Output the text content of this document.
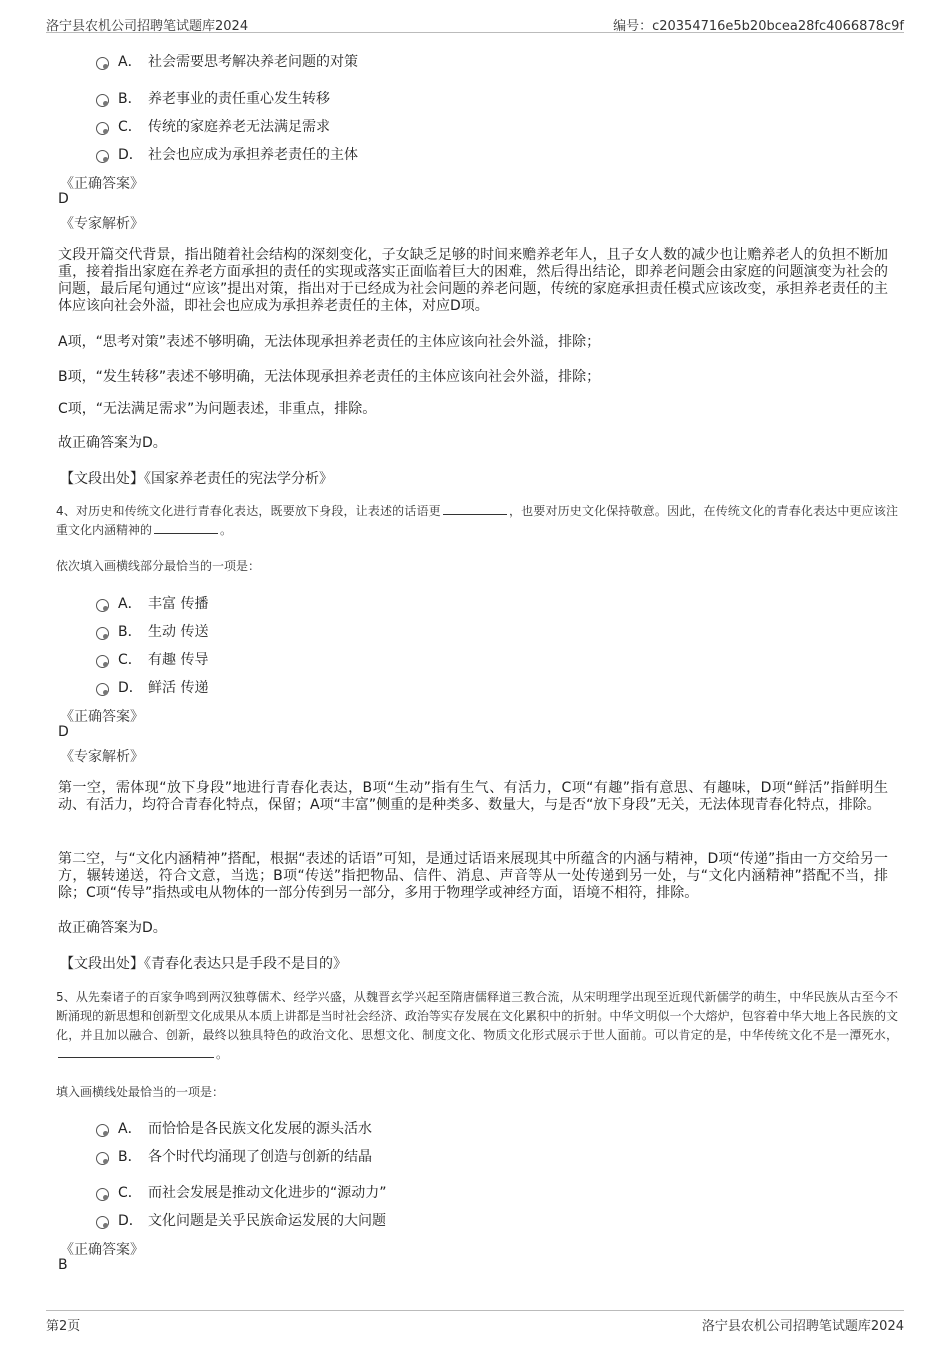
洛宁县农机公司招聘笔试题库2024	编号：c20354716e5b20bcea28fc4066878c9f
A． 社会需要思考解决养老问题的对策
B． 养老事业的责任重心发生转移
C． 传统的家庭养老无法满足需求
D． 社会也应成为承担养老责任的主体
《正确答案》
D
《专家解析》
文段开篇交代背景，指出随着社会结构的深刻变化，子女缺乏足够的时间来赡养老年人，且子女人数的减少也让赡养老人的负担不断加重，接着指出家庭在养老方面承担的责任的实现或落实正面临着巨大的困难，然后得出结论，即养老问题会由家庭的问题演变为社会的问题，最后尾句通过“应该”提出对策，指出对于已经成为社会问题的养老问题，传统的家庭承担责任模式应该改变，承担养老责任的主体应该向社会外溢，即社会也应成为承担养老责任的主体，对应D项。
A项，“思考对策”表述不够明确，无法体现承担养老责任的主体应该向社会外溢，排除；
B项，“发生转移”表述不够明确，无法体现承担养老责任的主体应该向社会外溢，排除；
C项，“无法满足需求”为问题表述，非重点，排除。
故正确答案为D。
【文段出处】《国家养老责任的宪法学分析》
4、对历史和传统文化进行青春化表达，既要放下身段，让表述的话语更	，也要对历史文化保持敬意。因此，在传统文化的青春化表达中更应该注重文化内涵精神的	。
依次填入画横线部分最恰当的一项是：
A． 丰富 传播
B． 生动 传送
C． 有趣 传导
D． 鲜活 传递
《正确答案》
D
《专家解析》
第一空，需体现“放下身段”地进行青春化表达，B项“生动”指有生气、有活力，C项“有趣”指有意思、有趣味，D项“鲜活”指鲜明生动、有活力，均符合青春化特点，保留；A项“丰富”侧重的是种类多、数量大，与是否“放下身段”无关，无法体现青春化特点，排除。
第二空，与“文化内涵精神”搭配，根据“表述的话语”可知，是通过话语来展现其中所蕴含的内涵与精神，D项“传递”指由一方交给另一方，辗转递送，符合文意，当选；B项“传送”指把物品、信件、消息、声音等从一处传递到另一处，与“文化内涵精神”搭配不当，排除；C项“传导”指热或电从物体的一部分传到另一部分，多用于物理学或神经方面，语境不相符，排除。
故正确答案为D。
【文段出处】《青春化表达只是手段不是目的》
5、从先秦诸子的百家争鸣到两汉独尊儒术、经学兴盛，从魏晋玄学兴起至隋唐儒释道三教合流，从宋明理学出现至近现代新儒学的萌生，中华民族从古至今不断涌现的新思想和创新型文化成果从本质上讲都是当时社会经济、政治等实存发展在文化累积中的折射。中华文明似一个大熔炉，包容着中华大地上各民族的文化，并且加以融合、创新，最终以独具特色的政治文化、思想文化、制度文化、物质文化形式展示于世人面前。可以肯定的是，中华传统文化不是一潭死水，。
填入画横线处最恰当的一项是：
A． 而恰恰是各民族文化发展的源头活水
B． 各个时代均涌现了创造与创新的结晶
C． 而社会发展是推动文化进步的“源动力”
D． 文化问题是关乎民族命运发展的大问题
《正确答案》
B
第2页	洛宁县农机公司招聘笔试题库2024
